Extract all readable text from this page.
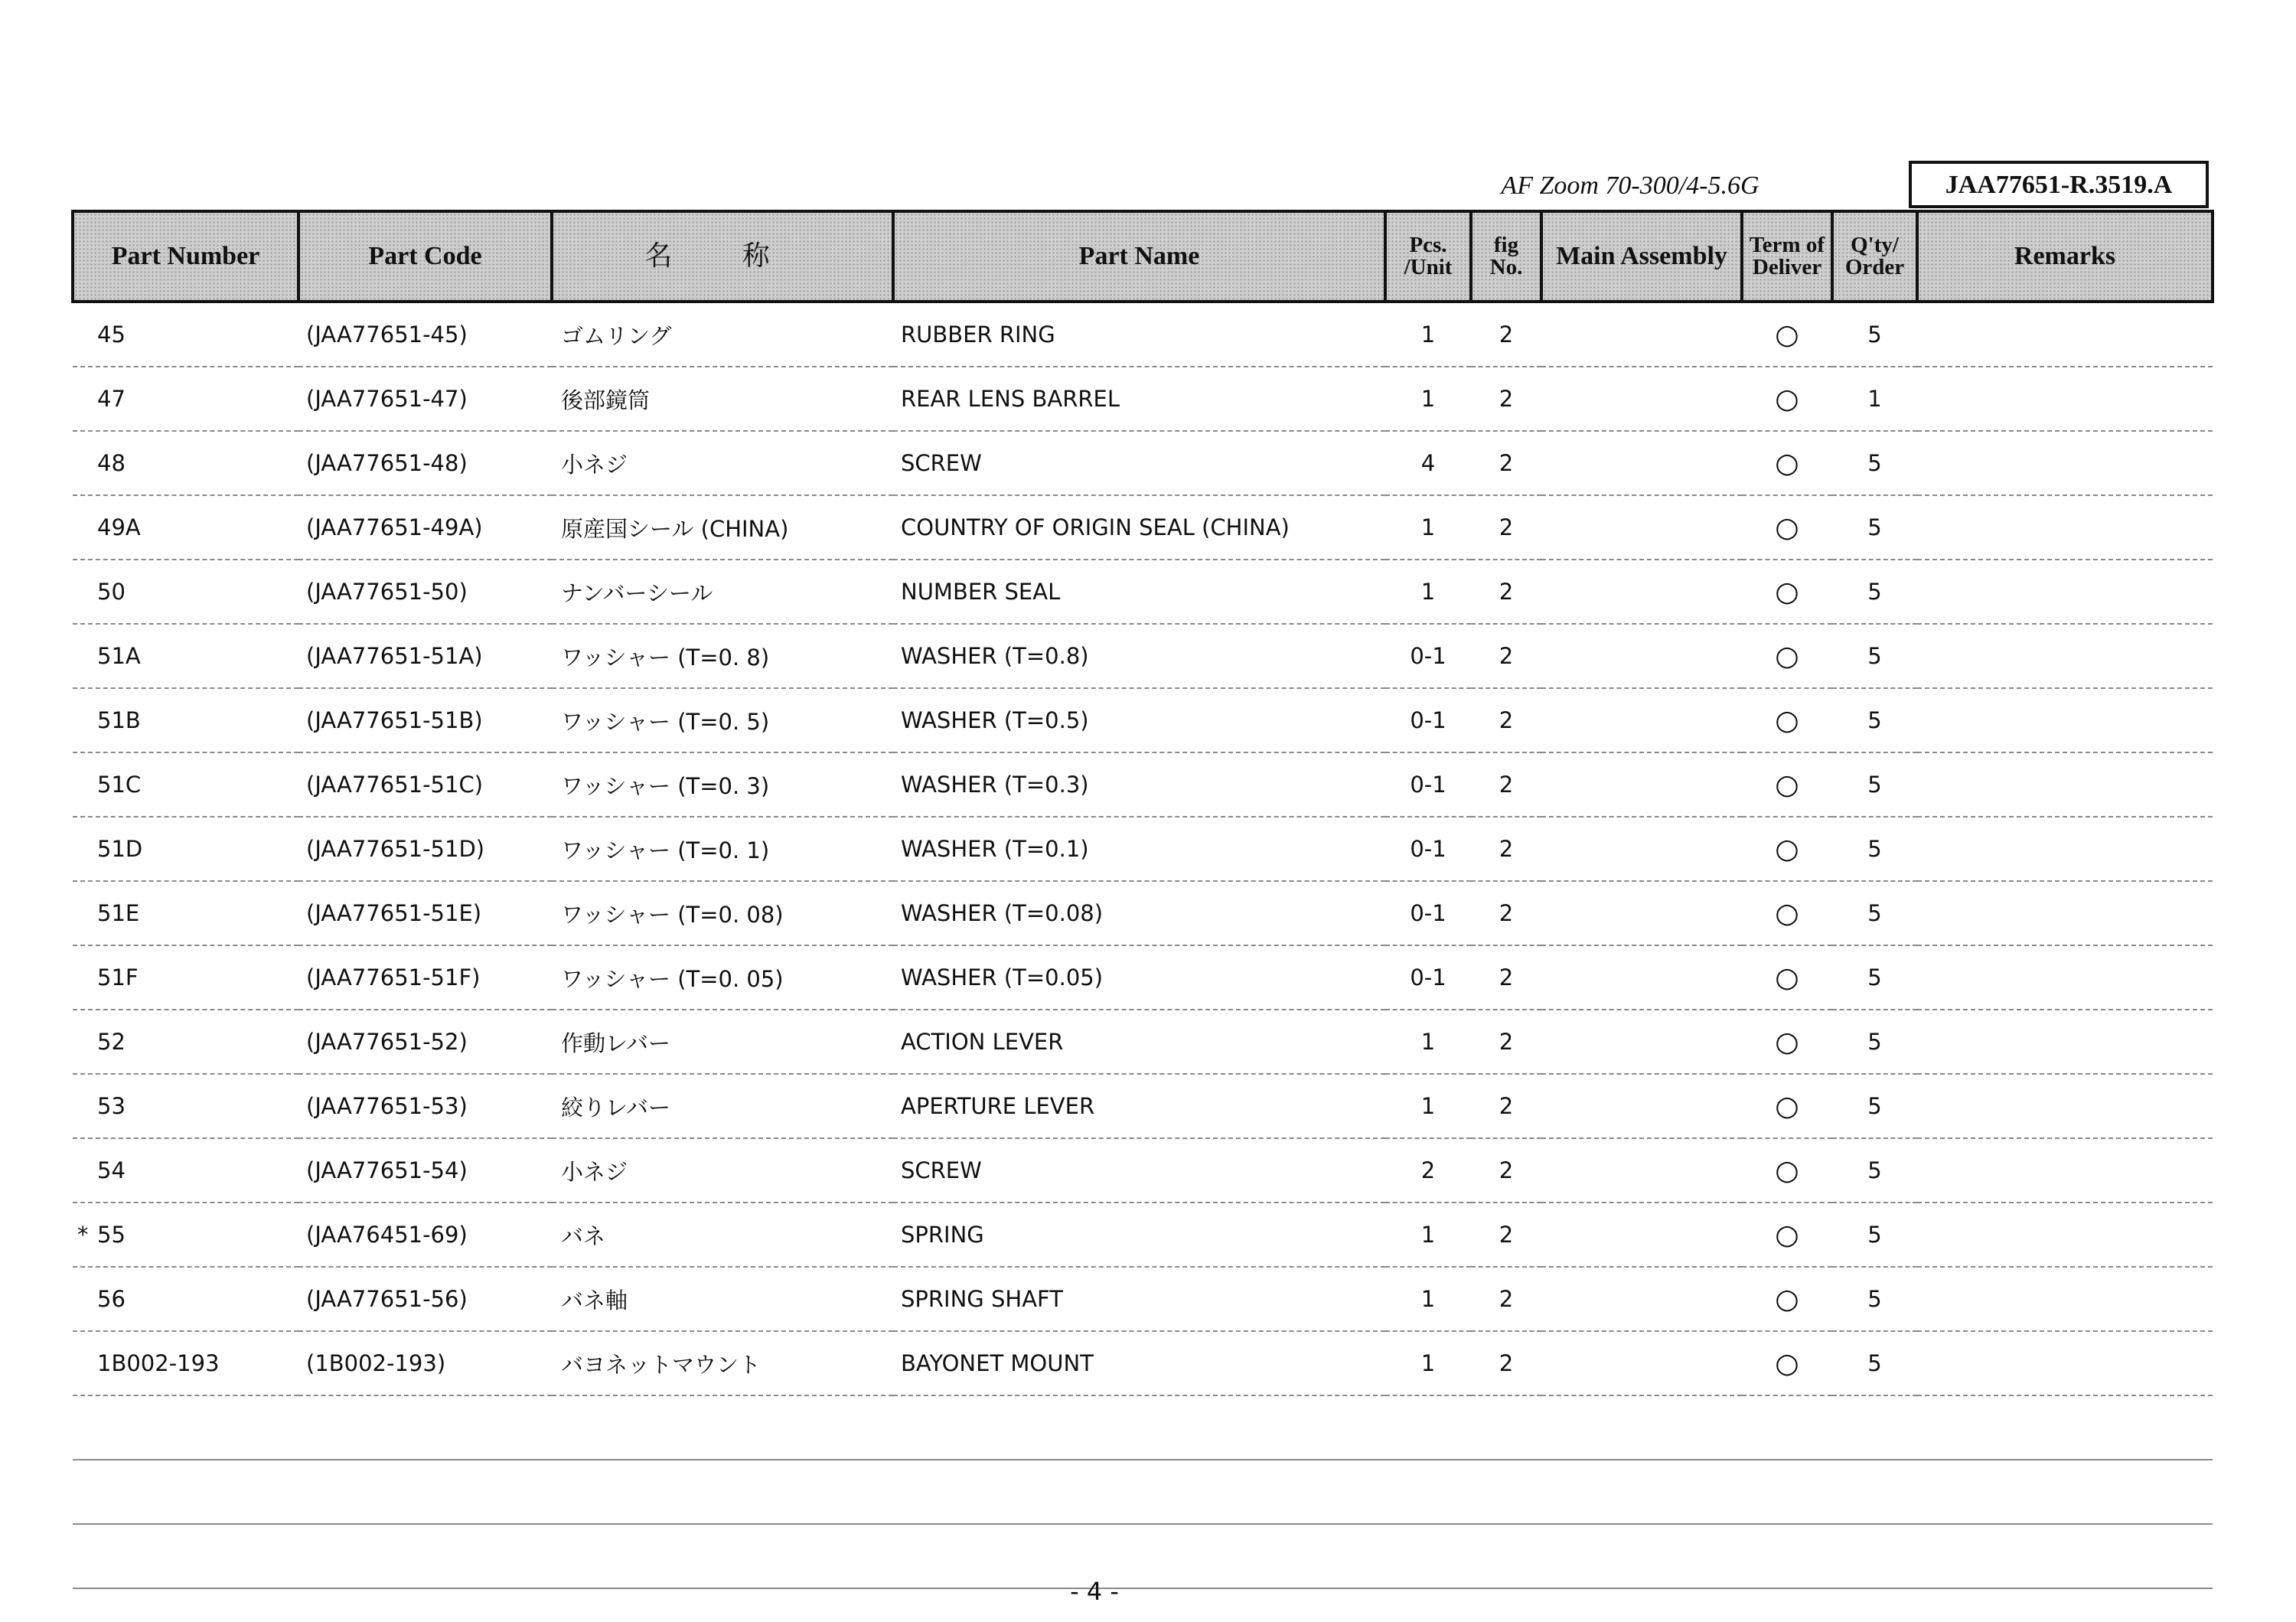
AF Zoom 70-300/4-5.6G	JAA77651-R.3519.A
Part Number	Part Code	名 称	Part Name	Pcs. /Unit	fig No.	Main Assembly	Term of Deliver	Q'ty/ Order	Remarks
45	(JAA77651-45)	ゴムリング	RUBBER RING	1	2		○	5	
47	(JAA77651-47)	後部鏡筒	REAR LENS BARREL	1	2		○	1	
48	(JAA77651-48)	小ネジ	SCREW	4	2		○	5	
49A	(JAA77651-49A)	原産国シール (CHINA)	COUNTRY OF ORIGIN SEAL (CHINA)	1	2		○	5	
50	(JAA77651-50)	ナンバーシール	NUMBER SEAL	1	2		○	5	
51A	(JAA77651-51A)	ワッシャー (T=0. 8)	WASHER (T=0.8)	0-1	2		○	5	
51B	(JAA77651-51B)	ワッシャー (T=0. 5)	WASHER (T=0.5)	0-1	2		○	5	
51C	(JAA77651-51C)	ワッシャー (T=0. 3)	WASHER (T=0.3)	0-1	2		○	5	
51D	(JAA77651-51D)	ワッシャー (T=0. 1)	WASHER (T=0.1)	0-1	2		○	5	
51E	(JAA77651-51E)	ワッシャー (T=0. 08)	WASHER (T=0.08)	0-1	2		○	5	
51F	(JAA77651-51F)	ワッシャー (T=0. 05)	WASHER (T=0.05)	0-1	2		○	5	
52	(JAA77651-52)	作動レバー	ACTION LEVER	1	2		○	5	
53	(JAA77651-53)	絞りレバー	APERTURE LEVER	1	2		○	5	
54	(JAA77651-54)	小ネジ	SCREW	2	2		○	5	
* 55	(JAA76451-69)	バネ	SPRING	1	2		○	5	
56	(JAA77651-56)	バネ軸	SPRING SHAFT	1	2		○	5	
1B002-193	(1B002-193)	バヨネットマウント	BAYONET MOUNT	1	2		○	5	

- 4 -
